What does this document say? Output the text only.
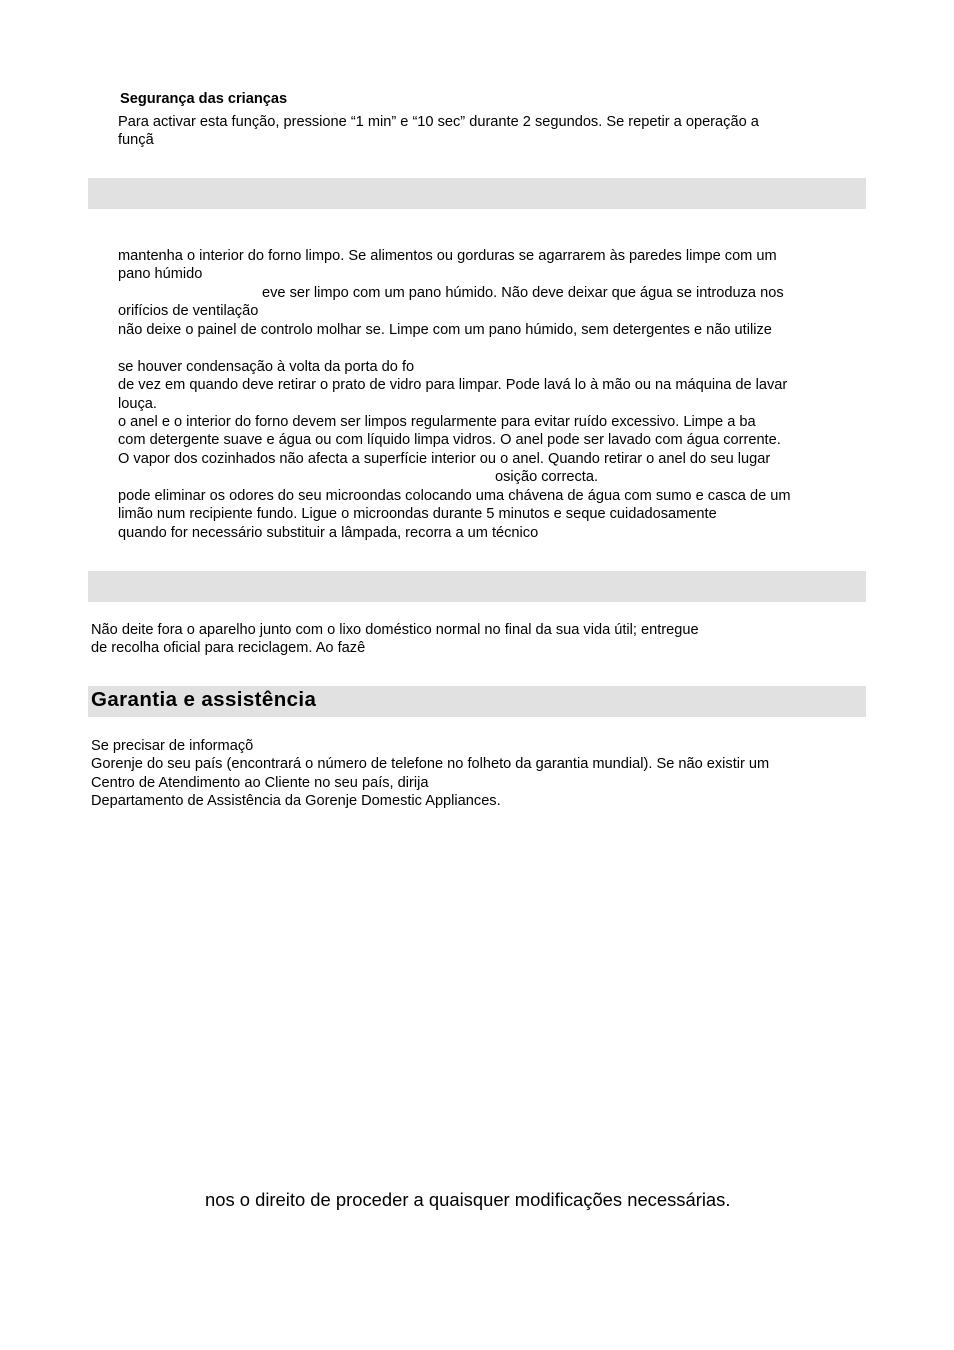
Segurança das crianças
Para activar esta função, pressione “1 min” e “10 sec” durante 2 segundos. Se repetir a operação a
funçã
mantenha o interior do forno limpo. Se alimentos ou gorduras se agarrarem às paredes limpe com um
pano húmido
eve ser limpo com um pano húmido. Não deve deixar que água se introduza nos
orifícios de ventilação
não deixe o painel de controlo molhar se. Limpe com um pano húmido, sem detergentes e não utilize
se houver condensação à volta da porta do fo
de vez em quando deve retirar o prato de vidro para limpar. Pode lavá lo à mão ou na máquina de lavar
louça.
o anel e o interior do forno devem ser limpos regularmente para evitar ruído excessivo. Limpe a ba
com detergente suave e água ou com líquido limpa vidros. O anel pode ser lavado com água corrente.
O vapor dos cozinhados não afecta a superfície interior ou o anel. Quando retirar o anel do seu lugar
osição correcta.
pode eliminar os odores do seu microondas colocando uma chávena de água com sumo e casca de um
limão num recipiente fundo. Ligue o microondas durante 5 minutos e seque cuidadosamente
quando for necessário substituir a lâmpada, recorra a um técnico
Não deite fora o aparelho junto com o lixo doméstico normal no final da sua vida útil; entregue
de recolha oficial para reciclagem. Ao fazê
Garantia e assistência
Se precisar de informaçõ
Gorenje do seu país (encontrará o número de telefone no folheto da garantia mundial). Se não existir um
Centro de Atendimento ao Cliente no seu país, dirija
Departamento de Assistência da Gorenje Domestic Appliances.
nos o direito de proceder a quaisquer modificações necessárias.
